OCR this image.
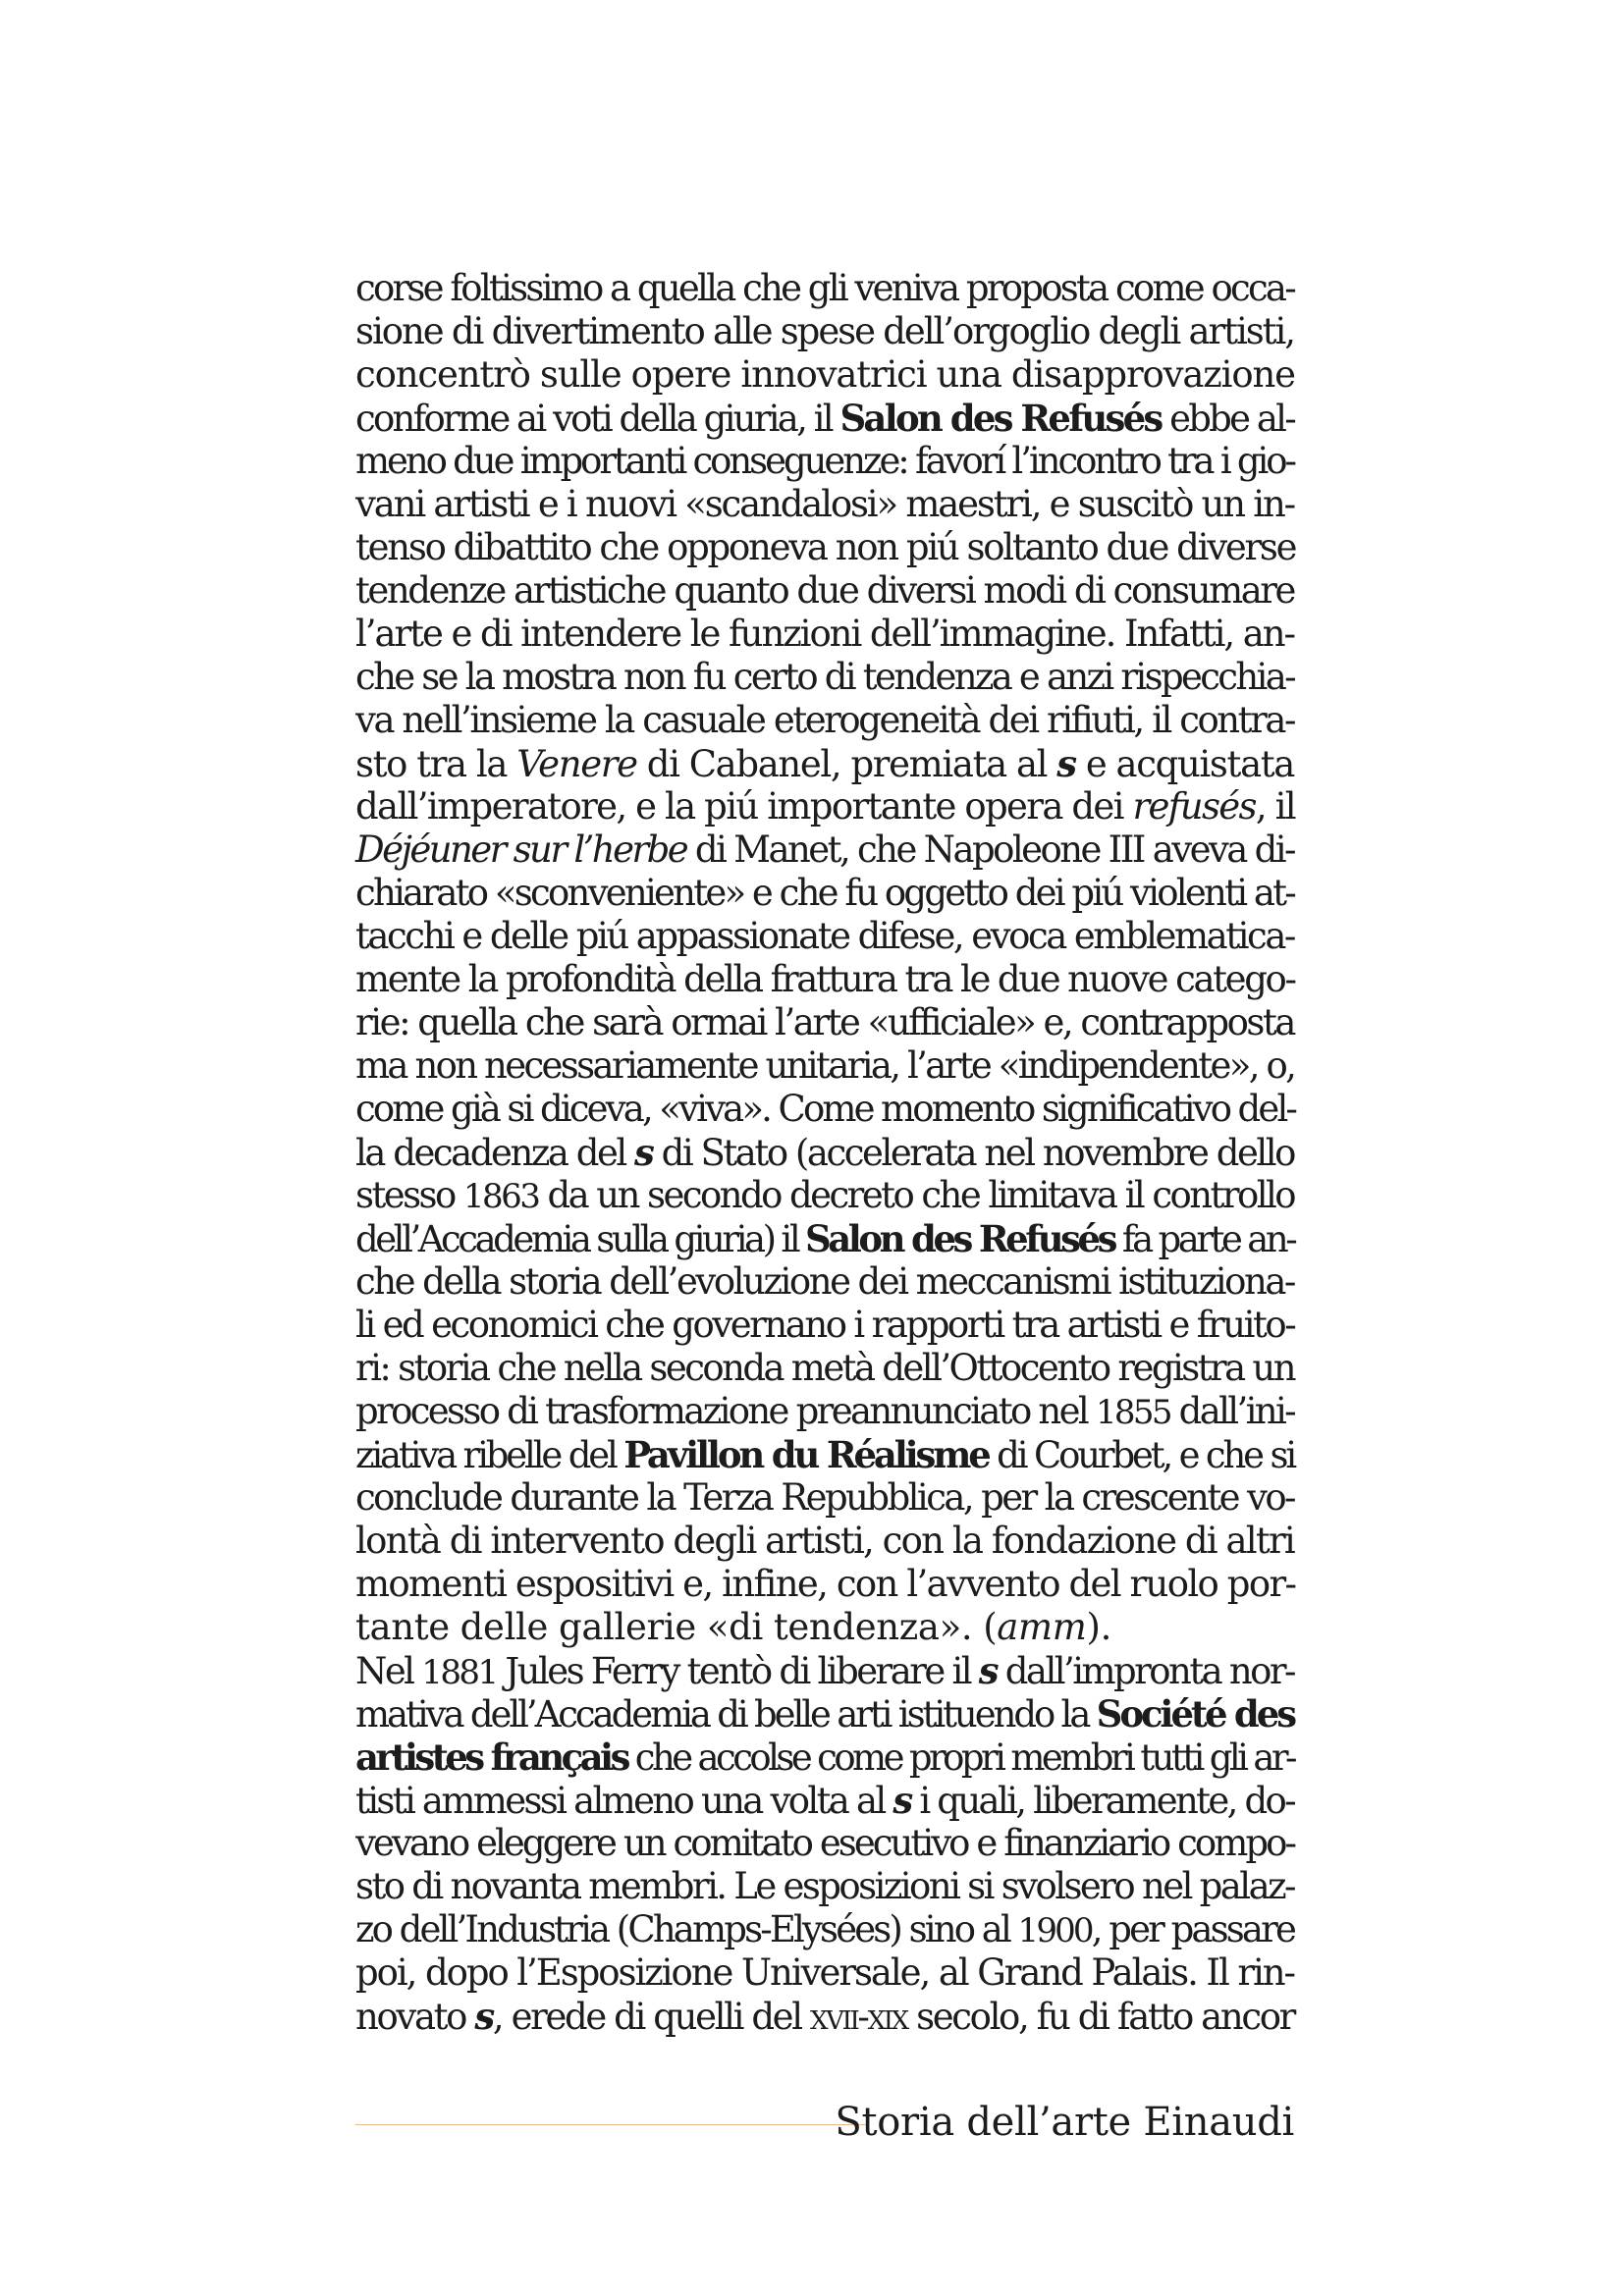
corse foltissimo a quella che gli veniva proposta come occa-
sione di divertimento alle spese dell’orgoglio degli artisti,
concentrò sulle opere innovatrici una disapprovazione
conforme ai voti della giuria, il Salon des Refusés ebbe al-
meno due importanti conseguenze: favorí l’incontro tra i gio-
vani artisti e i nuovi «scandalosi» maestri, e suscitò un in-
tenso dibattito che opponeva non piú soltanto due diverse
tendenze artistiche quanto due diversi modi di consumare
l’arte e di intendere le funzioni dell’immagine. Infatti, an-
che se la mostra non fu certo di tendenza e anzi rispecchia-
va nell’insieme la casuale eterogeneità dei rifiuti, il contra-
sto tra la Venere di Cabanel, premiata al s e acquistata
dall’imperatore, e la piú importante opera dei refusés, il
Déjéuner sur l’herbe di Manet, che Napoleone III aveva di-
chiarato «sconveniente» e che fu oggetto dei piú violenti at-
tacchi e delle piú appassionate difese, evoca emblematica-
mente la profondità della frattura tra le due nuove catego-
rie: quella che sarà ormai l’arte «ufficiale» e, contrapposta
ma non necessariamente unitaria, l’arte «indipendente», o,
come già si diceva, «viva». Come momento significativo del-
la decadenza del s di Stato (accelerata nel novembre dello
stesso 1863 da un secondo decreto che limitava il controllo
dell’Accademia sulla giuria) il Salon des Refusés fa parte an-
che della storia dell’evoluzione dei meccanismi istituziona-
li ed economici che governano i rapporti tra artisti e fruito-
ri: storia che nella seconda metà dell’Ottocento registra un
processo di trasformazione preannunciato nel 1855 dall’ini-
ziativa ribelle del Pavillon du Réalisme di Courbet, e che si
conclude durante la Terza Repubblica, per la crescente vo-
lontà di intervento degli artisti, con la fondazione di altri
momenti espositivi e, infine, con l’avvento del ruolo por-
tante delle gallerie «di tendenza». (amm).
Nel 1881 Jules Ferry tentò di liberare il s dall’impronta nor-
mativa dell’Accademia di belle arti istituendo la Société des
artistes français che accolse come propri membri tutti gli ar-
tisti ammessi almeno una volta al s i quali, liberamente, do-
vevano eleggere un comitato esecutivo e finanziario compo-
sto di novanta membri. Le esposizioni si svolsero nel palaz-
zo dell’Industria (Champs-Elysées) sino al 1900, per passare
poi, dopo l’Esposizione Universale, al Grand Palais. Il rin-
novato s, erede di quelli del xvii-xix secolo, fu di fatto ancor
Storia dell’arte Einaudi
